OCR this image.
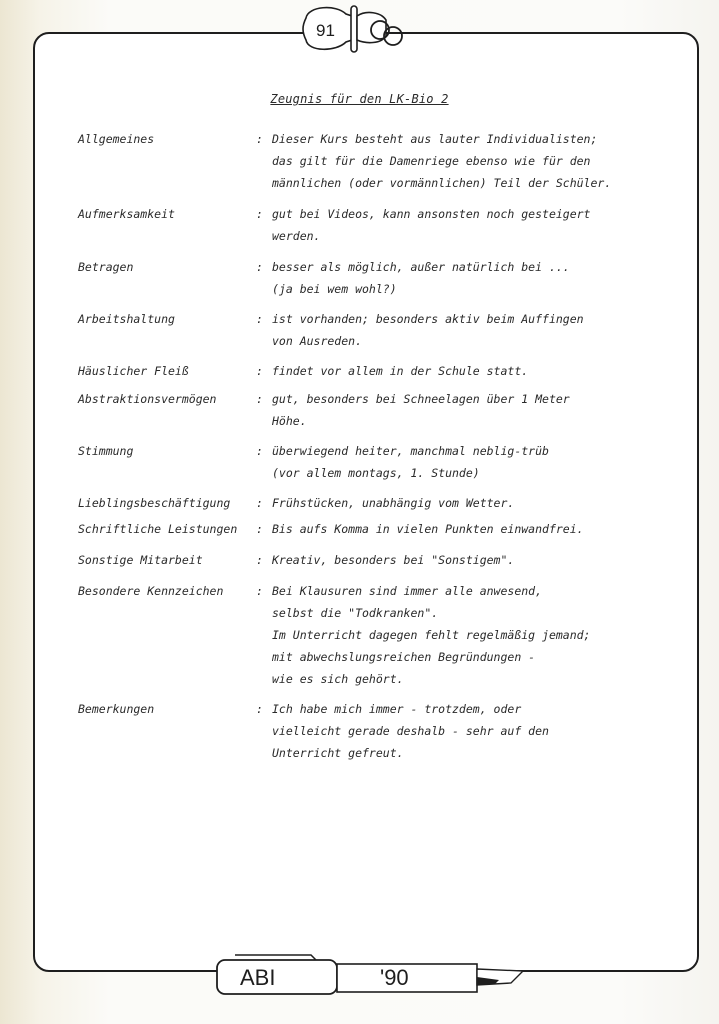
91
Zeugnis für den LK-Bio 2
Allgemeines	: Dieser Kurs besteht aus lauter Individualisten;
das gilt für die Damenriege ebenso wie für den
männlichen (oder vormännlichen) Teil der Schüler.
Aufmerksamkeit	: gut bei Videos, kann ansonsten noch gesteigert
werden.
Betragen	: besser als möglich, außer natürlich bei ...
(ja bei wem wohl?)
Arbeitshaltung	: ist vorhanden; besonders aktiv beim Auffingen
von Ausreden.
Häuslicher Fleiß	: findet vor allem in der Schule statt.
Abstraktionsvermögen	: gut, besonders bei Schneelagen über 1 Meter
Höhe.
Stimmung	: überwiegend heiter, manchmal neblig-trüb
(vor allem montags, 1. Stunde)
Lieblingsbeschäftigung	: Frühstücken, unabhängig vom Wetter.
Schriftliche Leistungen	: Bis aufs Komma in vielen Punkten einwandfrei.
Sonstige Mitarbeit	: Kreativ, besonders bei "Sonstigem".
Besondere Kennzeichen	: Bei Klausuren sind immer alle anwesend,
selbst die "Todkranken".
Im Unterricht dagegen fehlt regelmäßig jemand;
mit abwechslungsreichen Begründungen -
wie es sich gehört.
Bemerkungen	: Ich habe mich immer - trotzdem, oder
vielleicht gerade deshalb - sehr auf den
Unterricht gefreut.
ABI	'90
